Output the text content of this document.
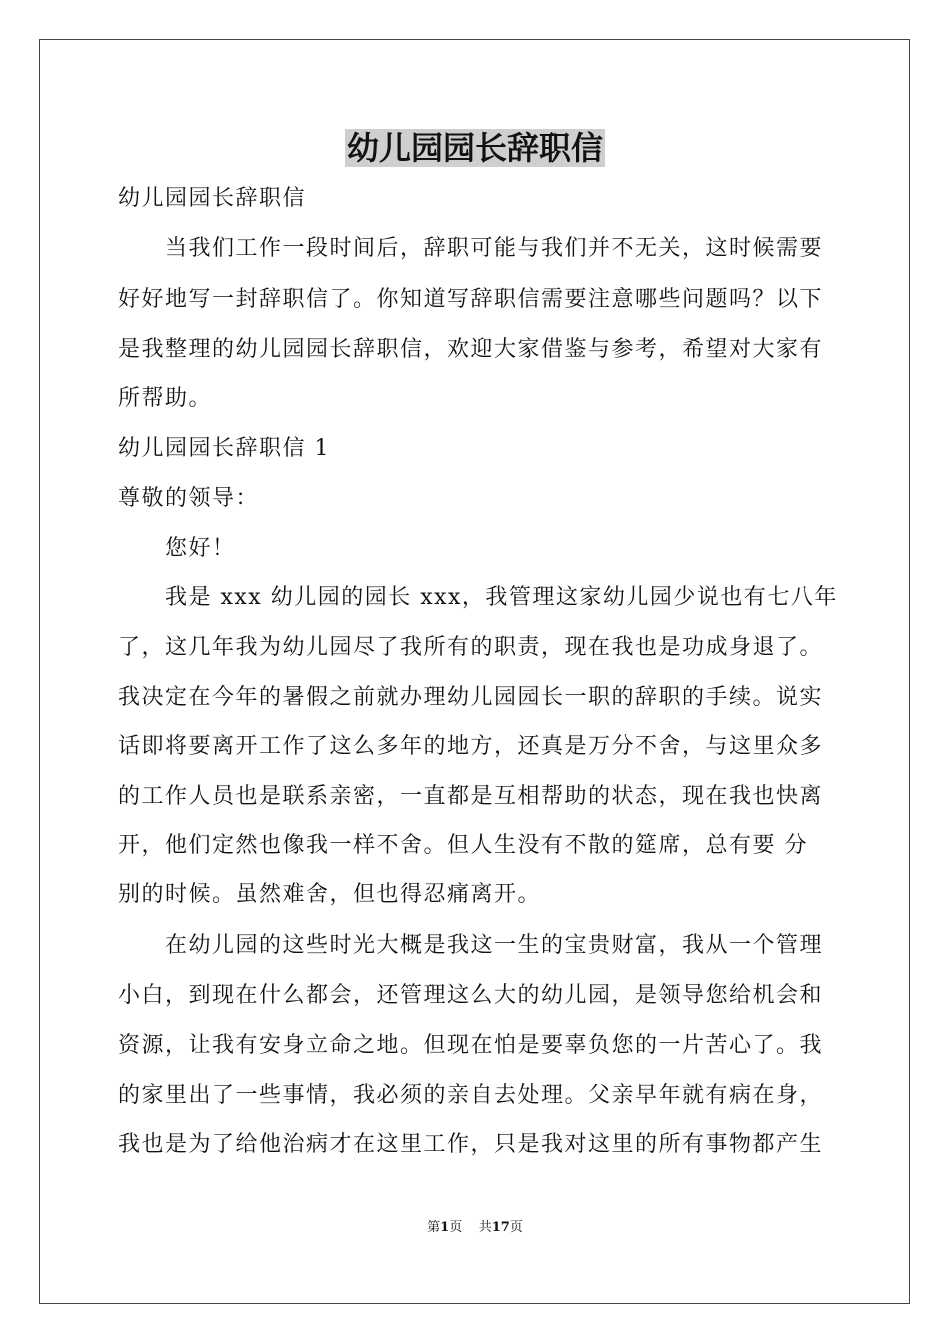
幼儿园园长辞职信
幼儿园园长辞职信
　　当我们工作一段时间后，辞职可能与我们并不无关，这时候需要
好好地写一封辞职信了。你知道写辞职信需要注意哪些问题吗？以下
是我整理的幼儿园园长辞职信，欢迎大家借鉴与参考，希望对大家有
所帮助。
幼儿园园长辞职信 1
尊敬的领导：
　　您好！
　　我是 xxx 幼儿园的园长 xxx，我管理这家幼儿园少说也有七八年
了，这几年我为幼儿园尽了我所有的职责，现在我也是功成身退了。
我决定在今年的暑假之前就办理幼儿园园长一职的辞职的手续。说实
话即将要离开工作了这么多年的地方，还真是万分不舍，与这里众多
的工作人员也是联系亲密，一直都是互相帮助的状态，现在我也快离
开，他们定然也像我一样不舍。但人生没有不散的筵席，总有要 分
别的时候。虽然难舍，但也得忍痛离开。
　　在幼儿园的这些时光大概是我这一生的宝贵财富，我从一个管理
小白，到现在什么都会，还管理这么大的幼儿园，是领导您给机会和
资源，让我有安身立命之地。但现在怕是要辜负您的一片苦心了。我
的家里出了一些事情，我必须的亲自去处理。父亲早年就有病在身，
我也是为了给他治病才在这里工作，只是我对这里的所有事物都产生
第1页 共17页
